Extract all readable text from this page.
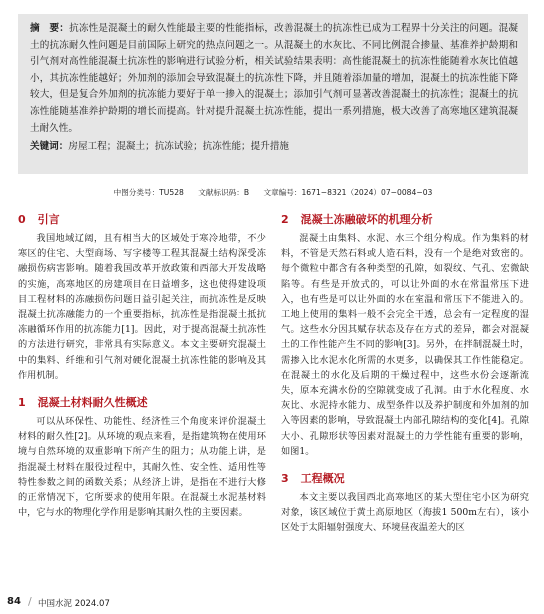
摘　要：抗冻性是混凝土的耐久性能最主要的性能指标，改善混凝土的抗冻性已成为工程界十分关注的问题。混凝土的抗冻耐久性问题是目前国际上研究的热点问题之一。从混凝土的水灰比、不同比例混合掺量、基准养护龄期和引气剂对高性能混凝土抗冻性的影响进行试验分析，相关试验结果表明：高性能混凝土的抗冻性能随着水灰比值越小，其抗冻性能越好；外加剂的添加会导致混凝土的抗冻性下降，并且随着添加量的增加，混凝土的抗冻性能下降较大，但是复合外加剂的抗冻能力要好于单一掺入的混凝土；添加引气剂可显著改善混凝土的抗冻性；混凝土的抗冻性能随基准养护龄期的增长而提高。针对提升混凝土抗冻性能，提出一系列措施，极大改善了高寒地区建筑混凝土耐久性。

关键词：房屋工程；混凝土；抗冻试验；抗冻性能；提升措施

中图分类号：TU528 文献标识码：B 文章编号：1671−8321（2024）07−0084−03
0 引言

我国地域辽阔，且有相当大的区域处于寒冷地带，不少寒区的住宅、大型商场、写字楼等工程其混凝土结构深受冻融损伤病害影响。随着我国改革开放政策和西部大开发战略的实施，高寒地区的房建项目在日益增多，这也使得建设项目工程材料的冻融损伤问题日益引起关注，而抗冻性是反映混凝土抗冻融能力的一个重要指标，抗冻性是指混凝土抵抗冻融循环作用的抗冻能力[1]。因此，对于提高混凝土抗冻性的方法进行研究，非常具有实际意义。本文主要研究混凝土中的集料、纤维和引气剂对硬化混凝土抗冻性能的影响及其作用机制。

1 混凝土材料耐久性概述

可以从环保性、功能性、经济性三个角度来评价混凝土材料的耐久性[2]。从环境的观点来看，是指建筑物在使用环境与自然环境的双重影响下所产生的阻力；从功能上讲，是指混凝土材料在服役过程中，其耐久性、安全性、适用性等特性参数之间的函数关系；从经济上讲，是指在不进行大修的正常情况下，它所要求的使用年限。在混凝土水泥基材料中，它与水的物理化学作用是影响其耐久性的主要因素。

2 混凝土冻融破坏的机理分析

混凝土由集料、水泥、水三个组分构成。作为集料的材料，不管是天然石料或人造石料，没有一个是绝对致密的。每个微粒中都含有各种类型的孔隙，如裂纹、气孔、宏微缺陷等。有些是开放式的，可以让外面的水在常温常压下进入，也有些是可以让外面的水在室温和常压下不能进入的。工地上使用的集料一般不会完全干透，总会有一定程度的湿气。这些水分因其赋存状态及存在方式的差异，都会对混凝土的工作性能产生不同的影响[3]。另外，在拌制混凝土时，需掺入比水泥水化所需的水更多，以确保其工作性能稳定。在混凝土的水化及后期的干燥过程中，这些水份会逐渐流失，原本充满水份的空隙就变成了孔洞。由于水化程度、水灰比、水泥持水能力、成型条件以及养护制度和外加剂的加入等因素的影响，导致混凝土内部孔隙结构的变化[4]。孔隙大小、孔隙形状等因素对混凝土的力学性能有重要的影响，如图1。

3 工程概况

本文主要以我国西北高寒地区的某大型住宅小区为研究对象，该区域位于黄土高原地区（海拔1 500m左右），该小区处于太阳辐射强度大、环境昼夜温差大的区

84 / 中国水泥 2024.07
